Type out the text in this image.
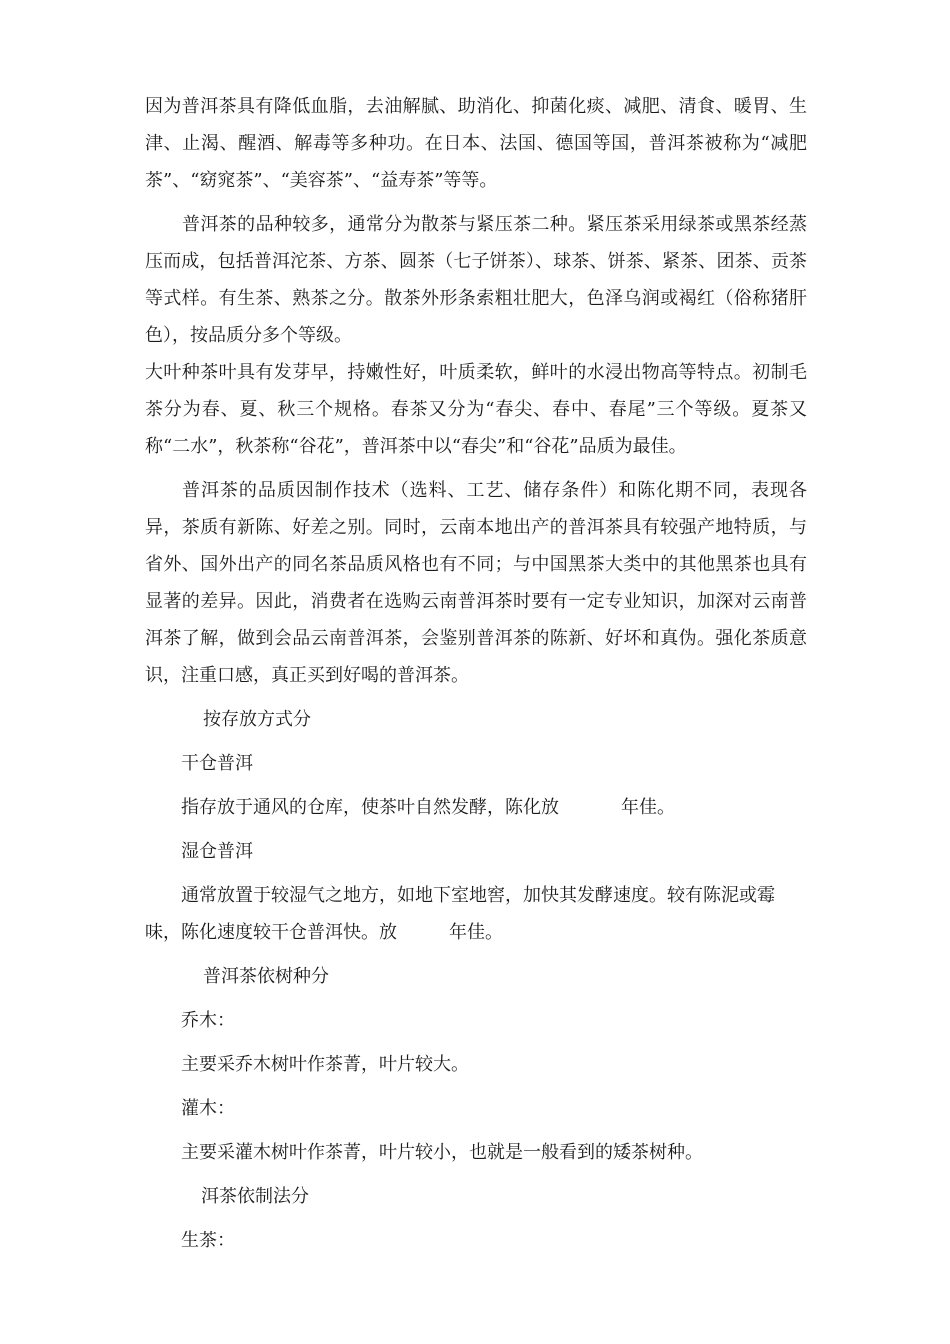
因为普洱茶具有降低血脂，去油解腻、助消化、抑菌化痰、减肥、清食、暖胃、生津、止渴、醒酒、解毒等多种功。在日本、法国、德国等国，普洱茶被称为“减肥茶”、“窈窕茶”、“美容茶”、“益寿茶”等等。

普洱茶的品种较多，通常分为散茶与紧压茶二种。紧压茶采用绿茶或黑茶经蒸压而成，包括普洱沱茶、方茶、圆茶（七子饼茶）、球茶、饼茶、紧茶、团茶、贡茶等式样。有生茶、熟茶之分。散茶外形条索粗壮肥大，色泽乌润或褐红（俗称猪肝色），按品质分多个等级。

大叶种茶叶具有发芽早，持嫩性好，叶质柔软，鲜叶的水浸出物高等特点。初制毛茶分为春、夏、秋三个规格。春茶又分为“春尖、春中、春尾”三个等级。夏茶又称“二水”，秋茶称“谷花”，普洱茶中以“春尖”和“谷花”品质为最佳。

普洱茶的品质因制作技术（选料、工艺、储存条件）和陈化期不同，表现各异，茶质有新陈、好差之别。同时，云南本地出产的普洱茶具有较强产地特质，与省外、国外出产的同名茶品质风格也有不同；与中国黑茶大类中的其他黑茶也具有显著的差异。因此，消费者在选购云南普洱茶时要有一定专业知识，加深对云南普洱茶了解，做到会品云南普洱茶，会鉴别普洱茶的陈新、好坏和真伪。强化茶质意识，注重口感，真正买到好喝的普洱茶。

按存放方式分

干仓普洱

指存放于通风的仓库，使茶叶自然发酵，陈化放	年佳。

湿仓普洱

通常放置于较湿气之地方，如地下室地窖，加快其发酵速度。较有陈泥或霉

味，陈化速度较干仓普洱快。放	年佳。

普洱茶依树种分

乔木：

主要采乔木树叶作茶菁，叶片较大。

灌木：

主要采灌木树叶作茶菁，叶片较小，也就是一般看到的矮茶树种。

洱茶依制法分

生茶：
